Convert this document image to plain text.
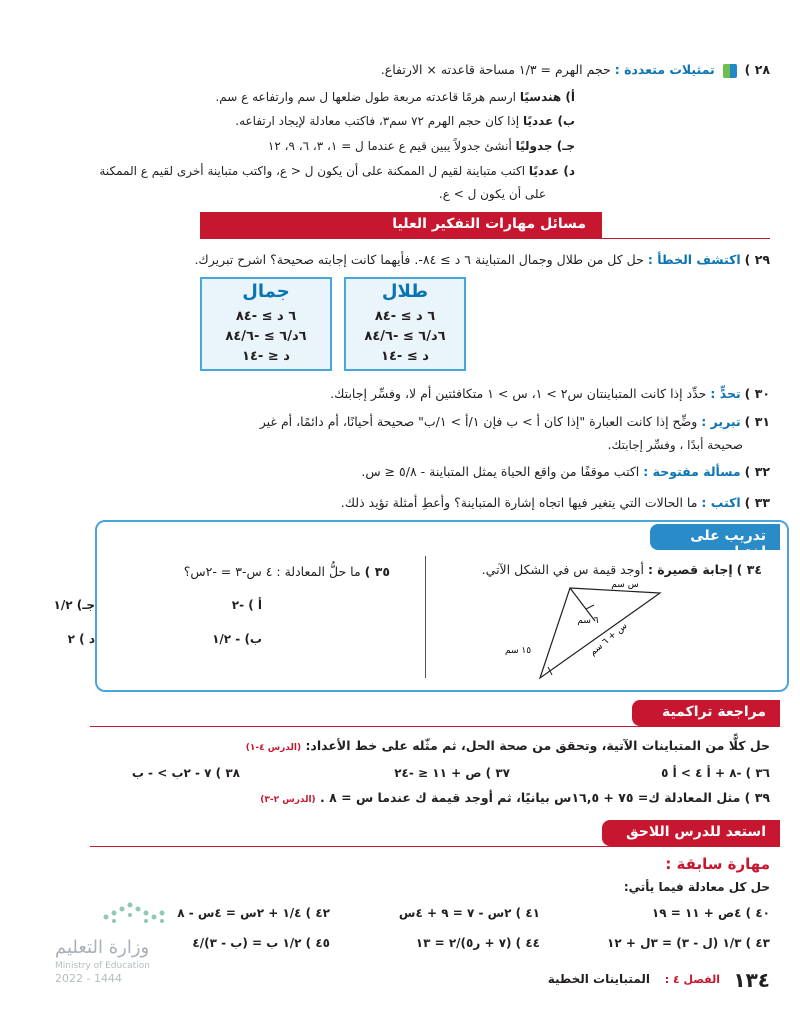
٢٨ )  تمثيلات متعددة : حجم الهرم = ١/٣ مساحة قاعدته × الارتفاع.
أ) هندسيًا ارسم هرمًا قاعدته مربعة طول ضلعها ل سم وارتفاعه ع سم.
ب) عدديًا إذا كان حجم الهرم ٧٢ سم٣، فاكتب معادلة لإيجاد ارتفاعه.
جـ) جدوليًا أنشئ جدولاً يبين قيم ع عندما ل = ١، ٣، ٦، ٩، ١٢
د) عدديًا اكتب متباينة لقيم ل الممكنة على أن يكون ل < ع، واكتب متباينة أخرى لقيم ع الممكنة
على أن يكون ل > ع.
مسائل مهارات التفكير العليا
٢٩ ) اكتشف الخطأ : حل كل من طلال وجمال المتباينة ٦ د ≥ ٨٤-. فأيهما كانت إجابته صحيحة؟ اشرح تبريرك.
طلال
٦ د ≥ -٨٤
٦د/٦ ≥ -٨٤/٦
د ≥ -١٤
جمال
٦ د ≥ -٨٤
٦د/٦ ≥ -٨٤/٦
د ≤ -١٤
٣٠ ) تحدٍّ : حدِّد إذا كانت المتباينتان س٢ > ١، س > ١ متكافئتين أم لا، وفسِّر إجابتك.
٣١ ) تبرير : وضِّح إذا كانت العبارة "إذا كان أ > ب فإن ١/أ > ١/ب" صحيحة أحيانًا، أم دائمًا، أم غير
صحيحة أبدًا ، وفسِّر إجابتك.
٣٢ ) مسألة مفتوحة : اكتب موقفًا من واقع الحياة يمثل المتباينة - ٥/٨ ≤ س.
٣٣ ) اكتب : ما الحالات التي يتغير فيها اتجاه إشارة المتباينة؟ وأعطِ أمثلة تؤيد ذلك.
تدريب على اختبار
٣٤ ) إجابة قصيرة : أوجد قيمة س في الشكل الآتي.
س سم
٦ سم
١٥ سم	س + ٦ سم
٣٥ ) ما حلُّ المعادلة : ٤ س-٣ = -٢س؟
أ ) -٢
جـ) ١/٢
ب) - ١/٢
د ) ٢
مراجعة تراكمية
حل كلًّا من المتباينات الآتية، وتحقق من صحة الحل، ثم مثّله على خط الأعداد: (الدرس ٤-١)
٣٦ ) -٨ + أ ٤ > أ ٥
٣٧ ) ص + ١١ ≤ -٢٤
٣٨ ) ٧ - ٢ب > - ب
٣٩ ) مثل المعادلة ك= ٧٥ + ١٦,٥س بيانيًا، ثم أوجد قيمة ك عندما س = ٨ . (الدرس ٢-٣)
استعد للدرس اللاحق
مهارة سابقة :
حل كل معادلة فيما يأتي:
٤٠ ) ٤ص + ١١ = ١٩
٤١ ) ٢س - ٧ = ٩ + ٤س
٤٢ ) ١/٤ + ٢س = ٤س - ٨
٤٣ ) ١/٣ (ل - ٣) = ٣ل + ١٢
٤٤ ) (٧ + ر٥)/٢ = ١٣
٤٥ ) ١/٢ ب = (ب - ٣)/٤
وزارة التعليم
Ministry of Education
2022 - 1444	١٣٤
الفصل ٤ :
المتباينات الخطية
